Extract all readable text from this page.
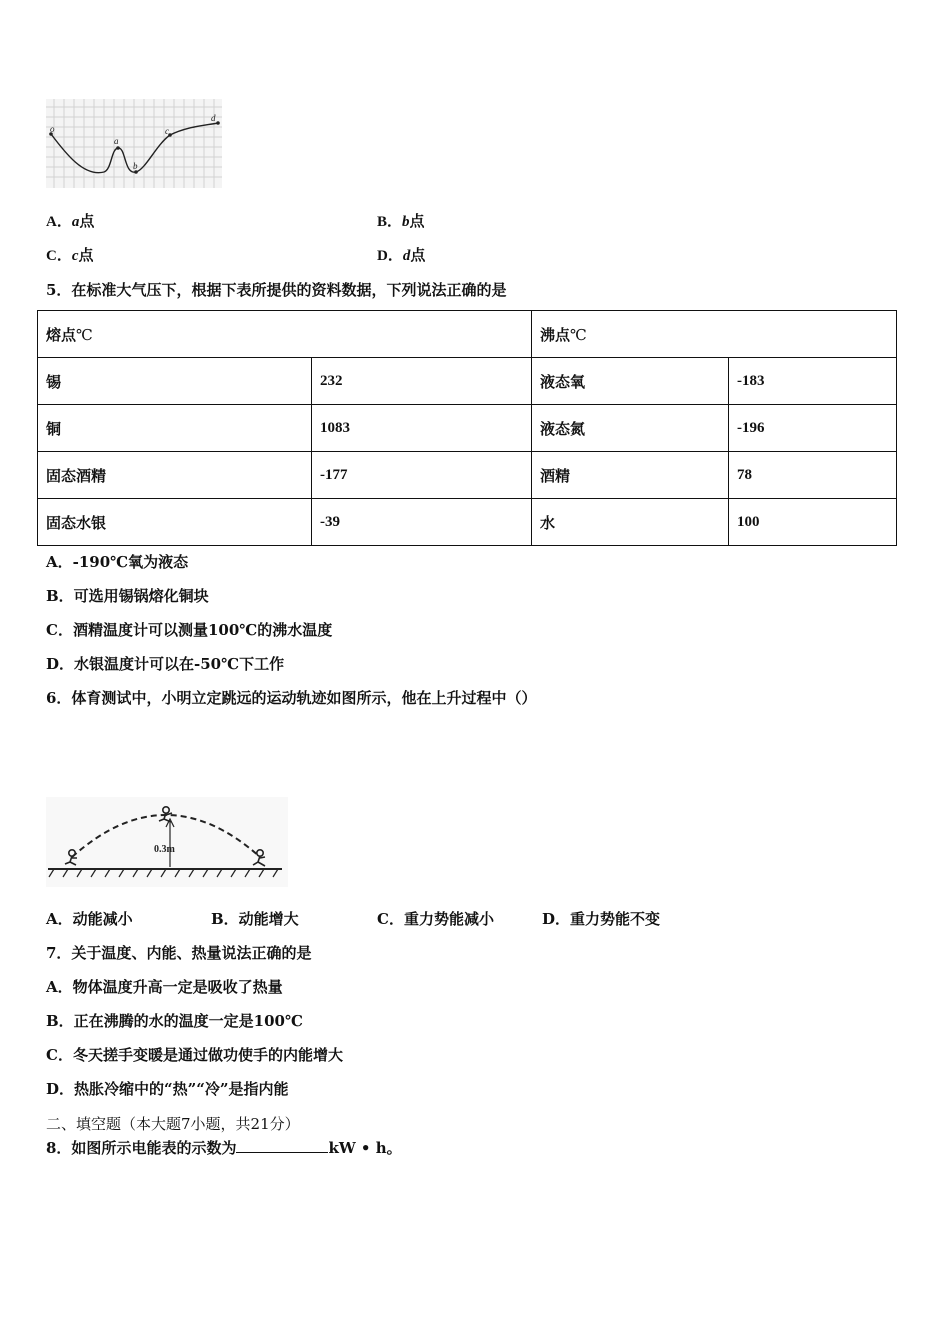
o
a
b
c
d
A．a点	B．b点
C．c点	D．d点
5．在标准大气压下，根据下表所提供的资料数据，下列说法正确的是
熔点℃		沸点℃	
锡	232	液态氧	-183
铜	1083	液态氮	-196
固态酒精	-177	酒精	78
固态水银	-39	水	100
A．-190℃氧为液态
B．可选用锡锅熔化铜块
C．酒精温度计可以测量100℃的沸水温度
D．水银温度计可以在-50℃下工作
6．体育测试中，小明立定跳远的运动轨迹如图所示，他在上升过程中（）
0.3m
A．动能减小	B．动能增大	C．重力势能减小	D．重力势能不变
7．关于温度、内能、热量说法正确的是
A．物体温度升高一定是吸收了热量
B．正在沸腾的水的温度一定是100℃
C．冬天搓手变暖是通过做功使手的内能增大
D．热胀冷缩中的“热”“冷”是指内能
二、填空题（本大题7小题，共21分）
8．如图所示电能表的示数为	kW • h。
